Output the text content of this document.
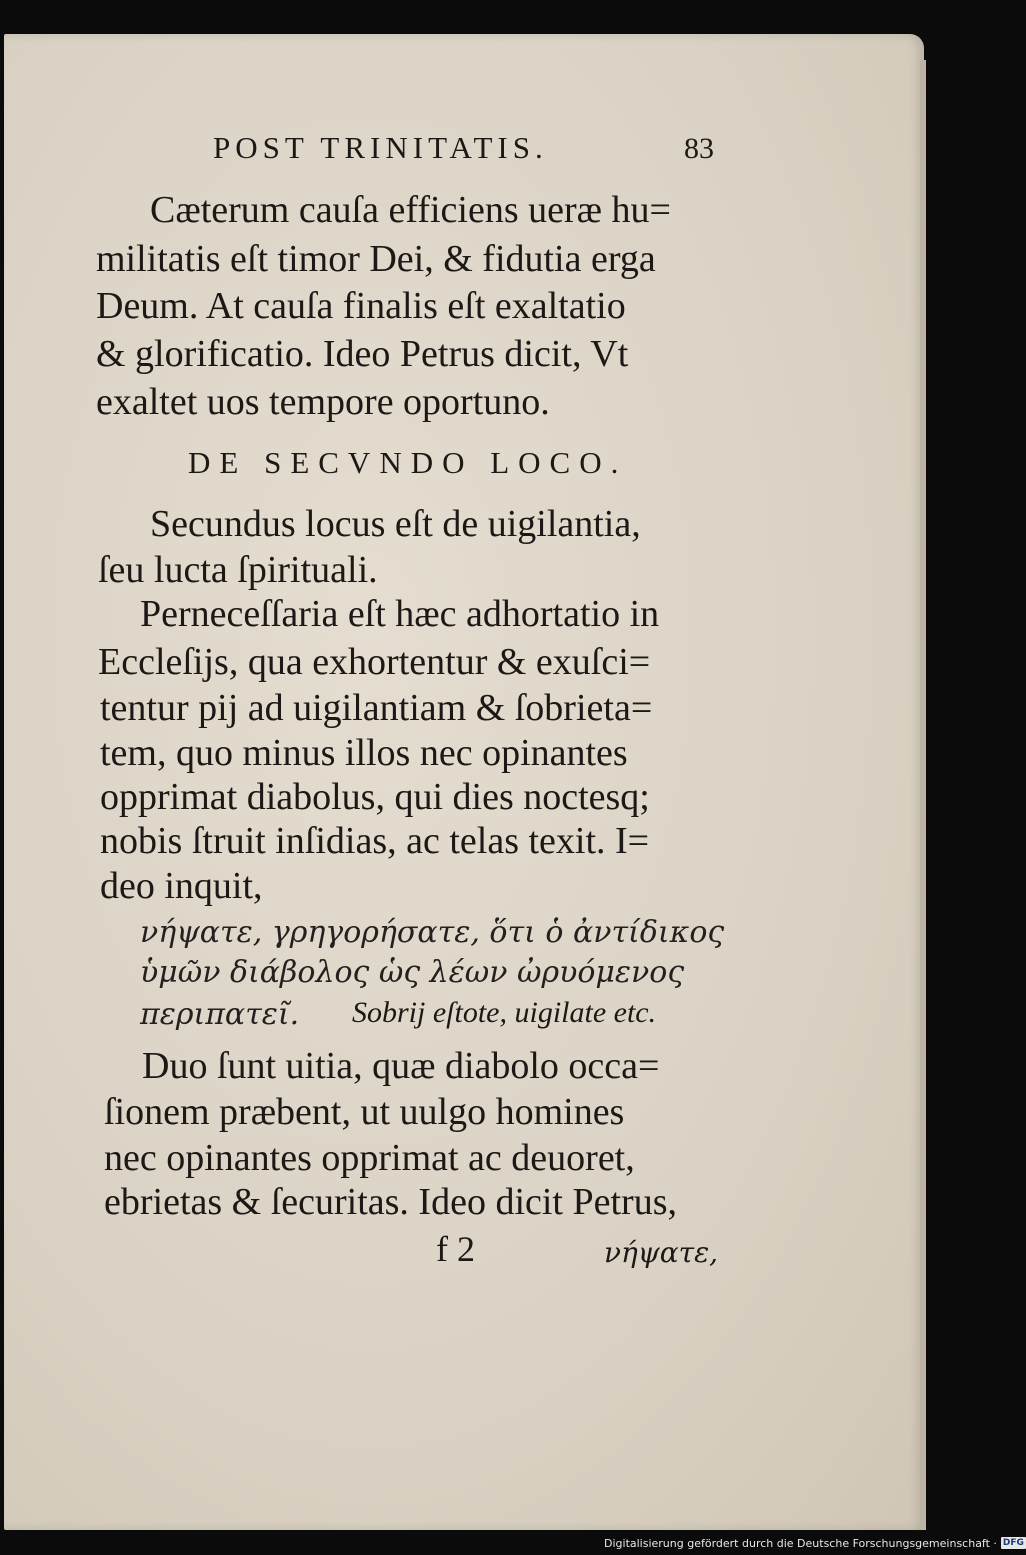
POST TRINITATIS.	83
Cæterum cauſa efficiens ueræ hu=
militatis eſt timor Dei, & fidutia erga
Deum. At cauſa finalis eſt exaltatio
& glorificatio. Ideo Petrus dicit, Vt
exaltet uos tempore oportuno.
DE SECVNDO LOCO.
Secundus locus eſt de uigilantia,
ſeu lucta ſpirituali.
Perneceſſaria eſt hæc adhortatio in
Eccleſijs, qua exhortentur & exuſci=
tentur pij ad uigilantiam & ſobrieta=
tem, quo minus illos nec opinantes
opprimat diabolus, qui dies noctesq;
nobis ſtruit inſidias, ac telas texit. I=
deo inquit,
νήψατε, γρηγορήσατε, ὅτι ὁ ἀντίδικος
ὑμῶν διάβολος ὡς λέων ὠρυόμενος
περιπατεῖ. Sobrij eſtote, uigilate etc.
Duo ſunt uitia, quæ diabolo occa=
ſionem præbent, ut uulgo homines
nec opinantes opprimat ac deuoret,
ebrietas & ſecuritas. Ideo dicit Petrus,
f 2	νήψατε,
Digitalisierung gefördert durch die Deutsche Forschungsgemeinschaft · DFG
